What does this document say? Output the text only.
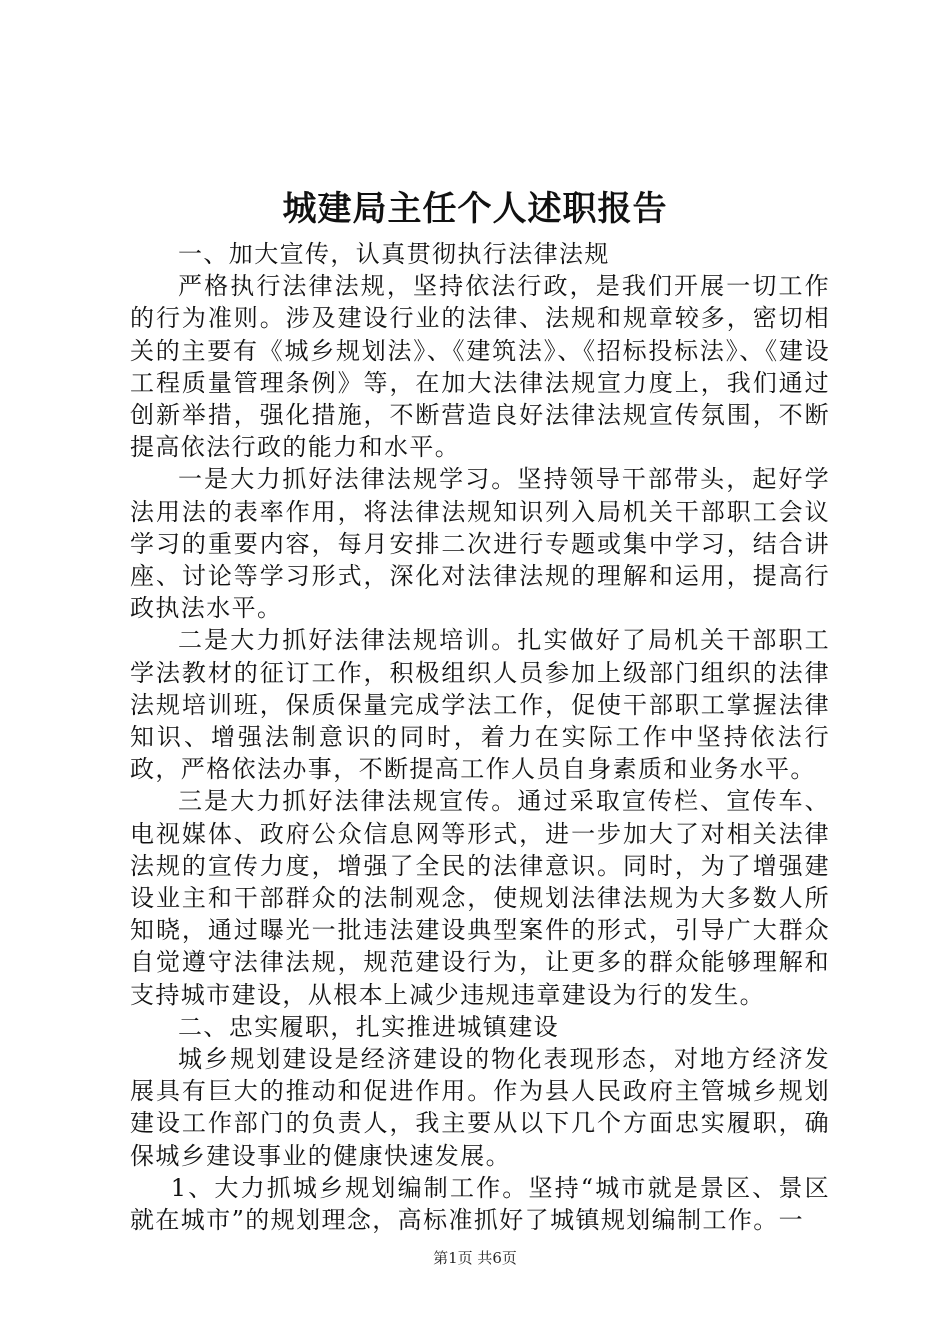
城建局主任个人述职报告

一、加大宣传，认真贯彻执行法律法规

严格执行法律法规，坚持依法行政，是我们开展一切工作的行为准则。涉及建设行业的法律、法规和规章较多，密切相关的主要有《城乡规划法》、《建筑法》、《招标投标法》、《建设工程质量管理条例》等，在加大法律法规宣力度上，我们通过创新举措，强化措施，不断营造良好法律法规宣传氛围，不断提高依法行政的能力和水平。

一是大力抓好法律法规学习。坚持领导干部带头，起好学法用法的表率作用，将法律法规知识列入局机关干部职工会议学习的重要内容，每月安排二次进行专题或集中学习，结合讲座、讨论等学习形式，深化对法律法规的理解和运用，提高行政执法水平。

二是大力抓好法律法规培训。扎实做好了局机关干部职工学法教材的征订工作，积极组织人员参加上级部门组织的法律法规培训班，保质保量完成学法工作，促使干部职工掌握法律知识、增强法制意识的同时，着力在实际工作中坚持依法行政，严格依法办事，不断提高工作人员自身素质和业务水平。

三是大力抓好法律法规宣传。通过采取宣传栏、宣传车、电视媒体、政府公众信息网等形式，进一步加大了对相关法律法规的宣传力度，增强了全民的法律意识。同时，为了增强建设业主和干部群众的法制观念，使规划法律法规为大多数人所知晓，通过曝光一批违法建设典型案件的形式，引导广大群众自觉遵守法律法规，规范建设行为，让更多的群众能够理解和支持城市建设，从根本上减少违规违章建设为行的发生。

二、忠实履职，扎实推进城镇建设

城乡规划建设是经济建设的物化表现形态，对地方经济发展具有巨大的推动和促进作用。作为县人民政府主管城乡规划建设工作部门的负责人，我主要从以下几个方面忠实履职，确保城乡建设事业的健康快速发展。

1、大力抓城乡规划编制工作。坚持“城市就是景区、景区就在城市”的规划理念，高标准抓好了城镇规划编制工作。一

第1页 共6页
